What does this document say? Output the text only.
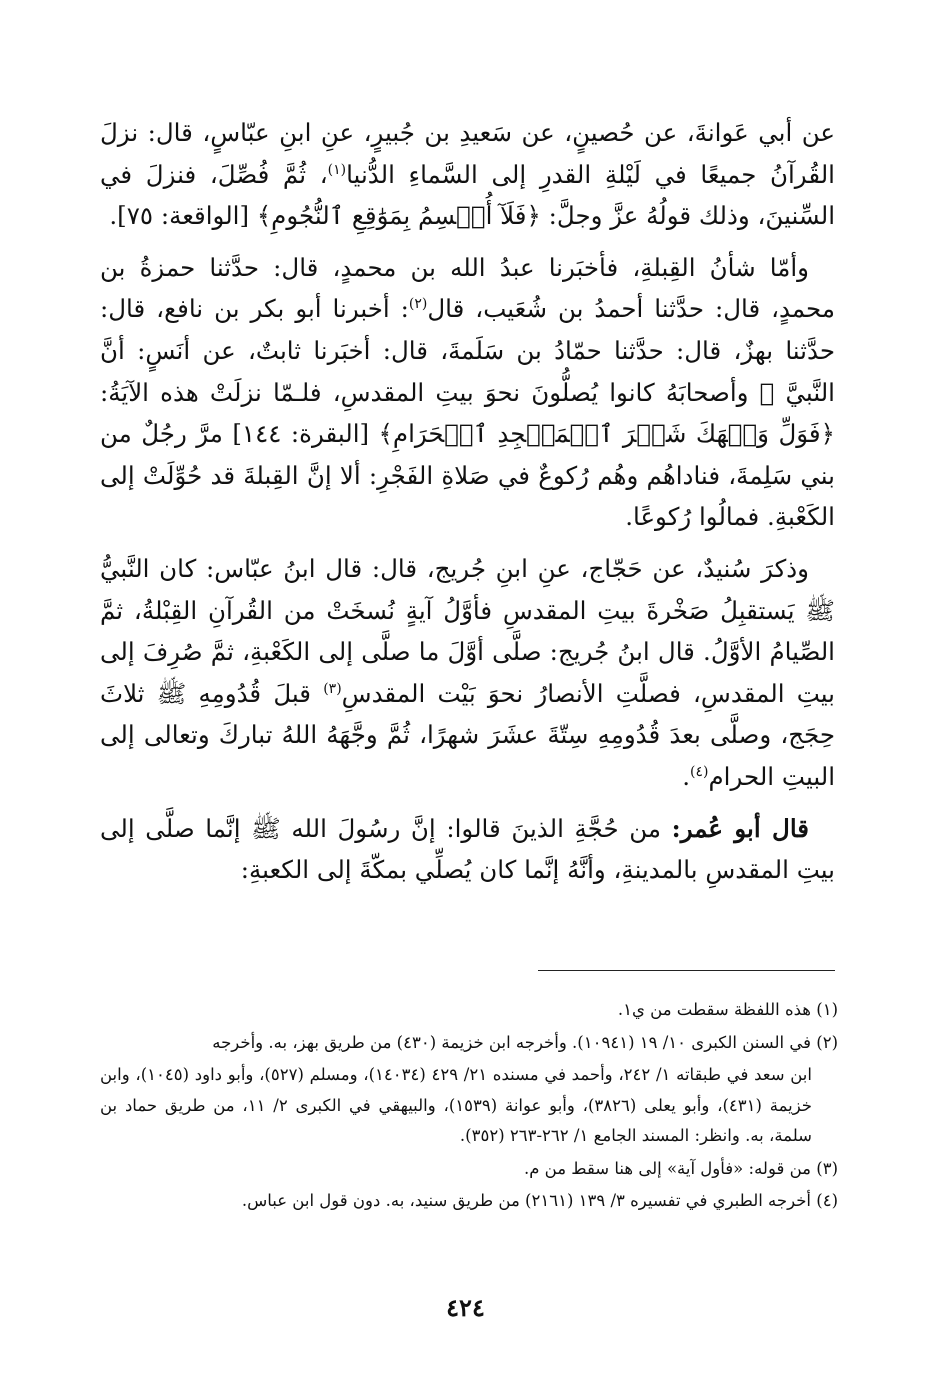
عن أبي عَوانةَ، عن حُصينٍ، عن سَعيدِ بن جُبيرٍ، عنِ ابنِ عبّاسٍ، قال: نزلَ القُرآنُ جميعًا في لَيْلةِ القدرِ إلى السَّماءِ الدُّنيا$^{(١)}$، ثُمَّ فُصِّلَ، فنزلَ في السِّنينَ، وذلك قولُهُ عزَّ وجلَّ: ﴿فَلَآ أُقۡسِمُ بِمَوَٰقِعِ ٱلنُّجُومِ﴾ [الواقعة: ٧٥].

وأمّا شأنُ القِبلةِ، فأخبَرنا عبدُ الله بن محمدٍ، قال: حدَّثنا حمزةُ بن محمدٍ، قال: حدَّثنا أحمدُ بن شُعَيب، قال$^{(٢)}$: أخبرنا أبو بكر بن نافع، قال: حدَّثنا بهزٌ، قال: حدَّثنا حمّادُ بن سَلَمةَ، قال: أخبَرنا ثابتٌ، عن أنَسٍ: أنَّ النَّبيَّ ﷺ وأصحابَهُ كانوا يُصلُّونَ نحوَ بيتِ المقدسِ، فلـمّا نزلَتْ هذه الآيَةُ: ﴿فَوَلِّ وَجۡهَكَ شَطۡرَ ٱلۡمَسۡجِدِ ٱلۡحَرَامِ﴾ [البقرة: ١٤٤] مرَّ رجُلٌ من بني سَلِمةَ، فناداهُم وهُم رُكوعٌ في صَلاةِ الفَجْرِ: ألا إنَّ القِبلةَ قد حُوِّلَتْ إلى الكَعْبةِ. فمالُوا رُكوعًا.

وذكرَ سُنيدٌ، عن حَجّاج، عنِ ابنِ جُريج، قال: قال ابنُ عبّاس: كان النَّبيُّ ﷺ يَستقبِلُ صَخْرةَ بيتِ المقدسِ فأوَّلُ آيةٍ نُسخَتْ من القُرآنِ القِبْلةُ، ثمَّ الصِّيامُ الأوَّلُ. قال ابنُ جُريج: صلَّى أوَّلَ ما صلَّى إلى الكَعْبةِ، ثمَّ صُرِفَ إلى بيتِ المقدسِ، فصلَّتِ الأنصارُ نحوَ بَيْت المقدسِ$^{(٣)}$ قبلَ قُدُومِهِ ﷺ ثلاثَ حِجَج، وصلَّى بعدَ قُدُومِهِ سِتّةَ عشَرَ شهرًا، ثُمَّ وجَّهَهُ اللهُ تباركَ وتعالى إلى البيتِ الحرام$^{(٤)}$.

قال أبو عُمر: من حُجَّةِ الذينَ قالوا: إنَّ رسُولَ الله ﷺ إنَّما صلَّى إلى بيتِ المقدسِ بالمدينةِ، وأنَّهُ إنَّما كان يُصلِّي بمكّةَ إلى الكعبةِ:

(١) هذه اللفظة سقطت من ي١.

(٢) في السنن الكبرى ١٠/ ١٩ (١٠٩٤١). وأخرجه ابن خزيمة (٤٣٠) من طريق بهز، به. وأخرجه

ابن سعد في طبقاته ١/ ٢٤٢، وأحمد في مسنده ٢١/ ٤٢٩ (١٤٠٣٤)، ومسلم (٥٢٧)، وأبو داود (١٠٤٥)، وابن خزيمة (٤٣١)، وأبو يعلى (٣٨٢٦)، وأبو عوانة (١٥٣٩)، والبيهقي في الكبرى ٢/ ١١، من طريق حماد بن سلمة، به. وانظر: المسند الجامع ١/ ٢٦٢-٢٦٣ (٣٥٢).

(٣) من قوله: «فأول آية» إلى هنا سقط من م.

(٤) أخرجه الطبري في تفسيره ٣/ ١٣٩ (٢١٦١) من طريق سنيد، به. دون قول ابن عباس.

٤٢٤
